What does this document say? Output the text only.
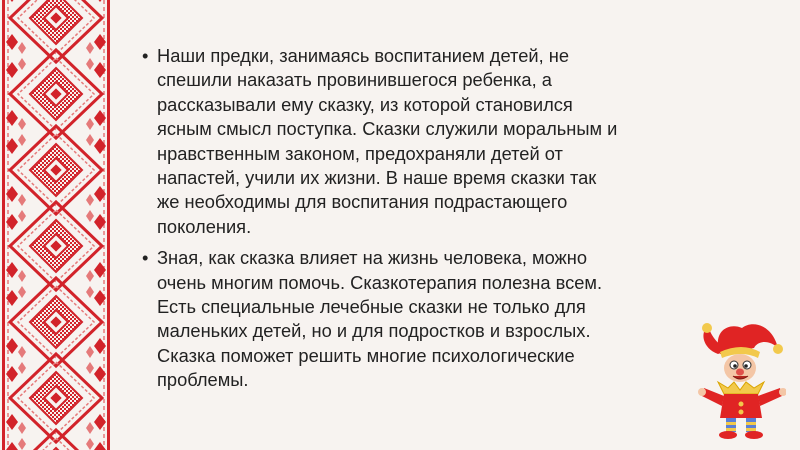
• Наши предки, занимаясь воспитанием детей, не
спешили наказать провинившегося ребенка, а
рассказывали ему сказку, из которой становился
ясным смысл поступка. Сказки служили моральным и
нравственным законом, предохраняли детей от
напастей, учили их жизни. В наше время сказки так
же необходимы для воспитания подрастающего
поколения.
• Зная, как сказка влияет на жизнь человека, можно
очень многим помочь. Сказкотерапия полезна всем.
Есть специальные лечебные сказки не только для
маленьких детей, но и для подростков и взрослых.
Сказка поможет решить многие психологические
проблемы.
